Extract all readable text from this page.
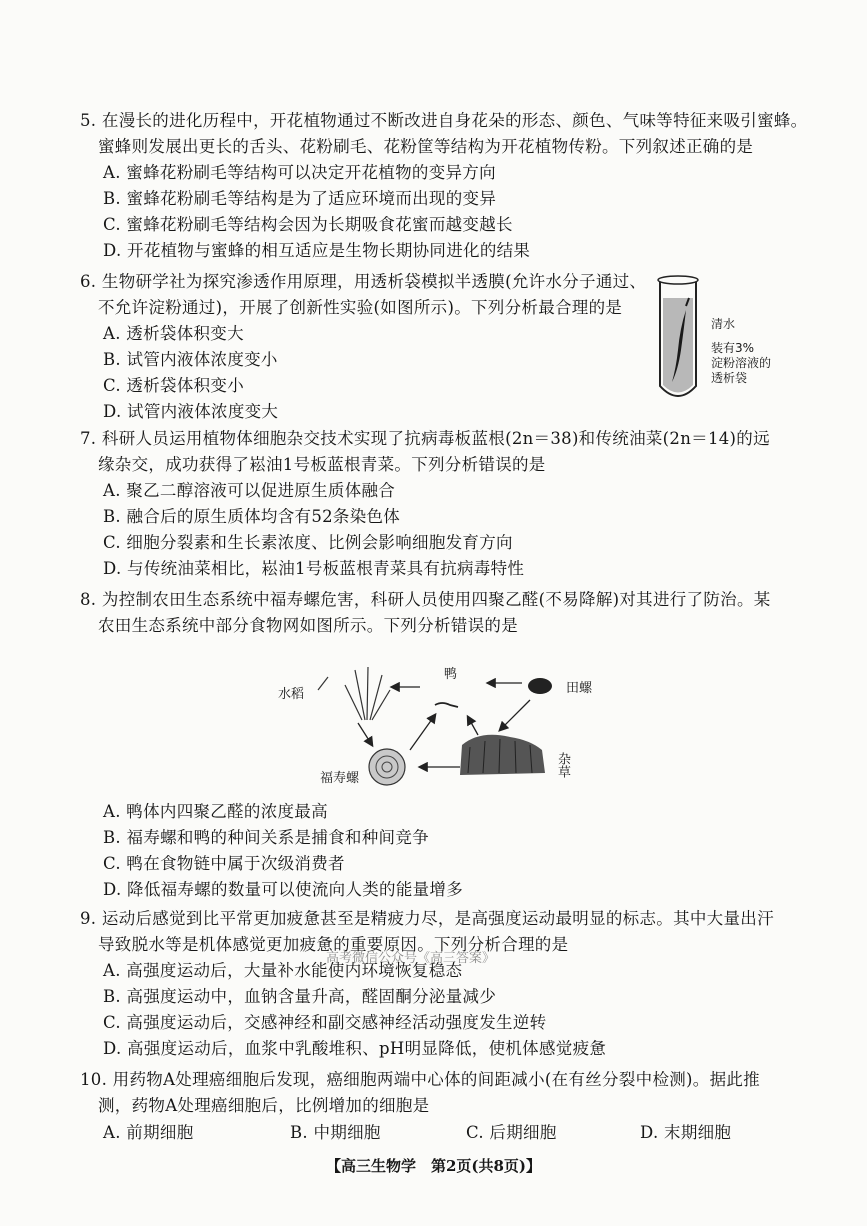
5. 在漫长的进化历程中，开花植物通过不断改进自身花朵的形态、颜色、气味等特征来吸引蜜蜂。
蜜蜂则发展出更长的舌头、花粉刷毛、花粉筐等结构为开花植物传粉。下列叙述正确的是
A. 蜜蜂花粉刷毛等结构可以决定开花植物的变异方向
B. 蜜蜂花粉刷毛等结构是为了适应环境而出现的变异
C. 蜜蜂花粉刷毛等结构会因为长期吸食花蜜而越变越长
D. 开花植物与蜜蜂的相互适应是生物长期协同进化的结果
6. 生物研学社为探究渗透作用原理，用透析袋模拟半透膜(允许水分子通过、
不允许淀粉通过)，开展了创新性实验(如图所示)。下列分析最合理的是
A. 透析袋体积变大
B. 试管内液体浓度变小
C. 透析袋体积变小
D. 试管内液体浓度变大
清水
装有3%
淀粉溶液的
透析袋
7. 科研人员运用植物体细胞杂交技术实现了抗病毒板蓝根(2n＝38)和传统油菜(2n＝14)的远
缘杂交，成功获得了崧油1号板蓝根青菜。下列分析错误的是
A. 聚乙二醇溶液可以促进原生质体融合
B. 融合后的原生质体均含有52条染色体
C. 细胞分裂素和生长素浓度、比例会影响细胞发育方向
D. 与传统油菜相比，崧油1号板蓝根青菜具有抗病毒特性
8. 为控制农田生态系统中福寿螺危害，科研人员使用四聚乙醛(不易降解)对其进行了防治。某
农田生态系统中部分食物网如图所示。下列分析错误的是
水稻
鸭
田螺
福寿螺
杂草
A. 鸭体内四聚乙醛的浓度最高
B. 福寿螺和鸭的种间关系是捕食和种间竞争
C. 鸭在食物链中属于次级消费者
D. 降低福寿螺的数量可以使流向人类的能量增多
9. 运动后感觉到比平常更加疲惫甚至是精疲力尽，是高强度运动最明显的标志。其中大量出汗
导致脱水等是机体感觉更加疲惫的重要原因。下列分析合理的是
高考微信公众号《高三答案》
A. 高强度运动后，大量补水能使内环境恢复稳态
B. 高强度运动中，血钠含量升高，醛固酮分泌量减少
C. 高强度运动后，交感神经和副交感神经活动强度发生逆转
D. 高强度运动后，血浆中乳酸堆积、pH明显降低，使机体感觉疲惫
10. 用药物A处理癌细胞后发现，癌细胞两端中心体的间距减小(在有丝分裂中检测)。据此推
测，药物A处理癌细胞后，比例增加的细胞是
A. 前期细胞	B. 中期细胞	C. 后期细胞	D. 末期细胞
【高三生物学　第2页(共8页)】
